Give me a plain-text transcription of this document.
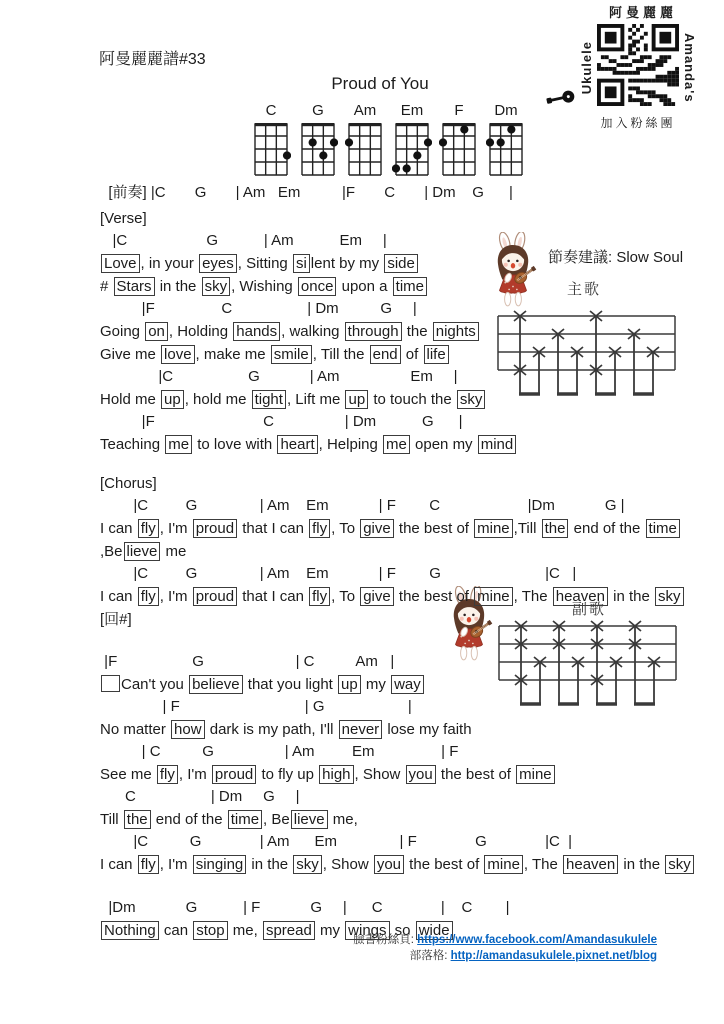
阿曼麗麗譜#33
Proud of You
C G Am Em F Dm
阿曼麗麗
Ukulele	Amanda's
加入粉絲團
節奏建議: Slow Soul
主歌
副歌
[前奏] |C       G       | Am   Em          |F       C       | Dm    G      |
[Verse]
|C                   G           | Am           Em     |
Love , in your eyes , Sitting si lent by my side
# Stars in the sky , Wishing once upon a time
|F                C                  | Dm          G     |
Going on , Holding hands , walking through the nights
Give me love , make me smile , Till the end of life
|C                  G            | Am                 Em     |
Hold me up , hold me tight , Lift me up to touch the sky
|F                          C                 | Dm           G      |
Teaching me to love with heart , Helping me open my mind
[Chorus]
|C         G               | Am    Em            | F        C                     |Dm            G |
I can fly , I'm proud that I can fly , To give the best of mine ,Till the end of the time,Be lieve me
|C         G               | Am    Em            | F        G                         |C   |
I can fly , I'm proud that I can fly , To give the best of mine , The heaven in the sky [回#]
|F                  G                      | C          Am   |
Can't you believe that you light up my way
| F                              | G                    |
No matter how dark is my path, I'll never lose my faith
| C          G                 | Am         Em                | F
See me fly , I'm proud to fly up high , Show you the best of mine
C                  | Dm     G     |
Till the end of the time , Be lieve me,
|C          G              | Am      Em               | F              G              |C  |
I can fly , I'm singing in the sky , Show you the best of mine , The heaven in the sky
|Dm            G           | F            G     |      C              |    C        |
Nothing can stop me, spread my wings so wide
臉書粉絲頁: https://www.facebook.com/Amandasukulele
部落格: http://amandasukulele.pixnet.net/blog
